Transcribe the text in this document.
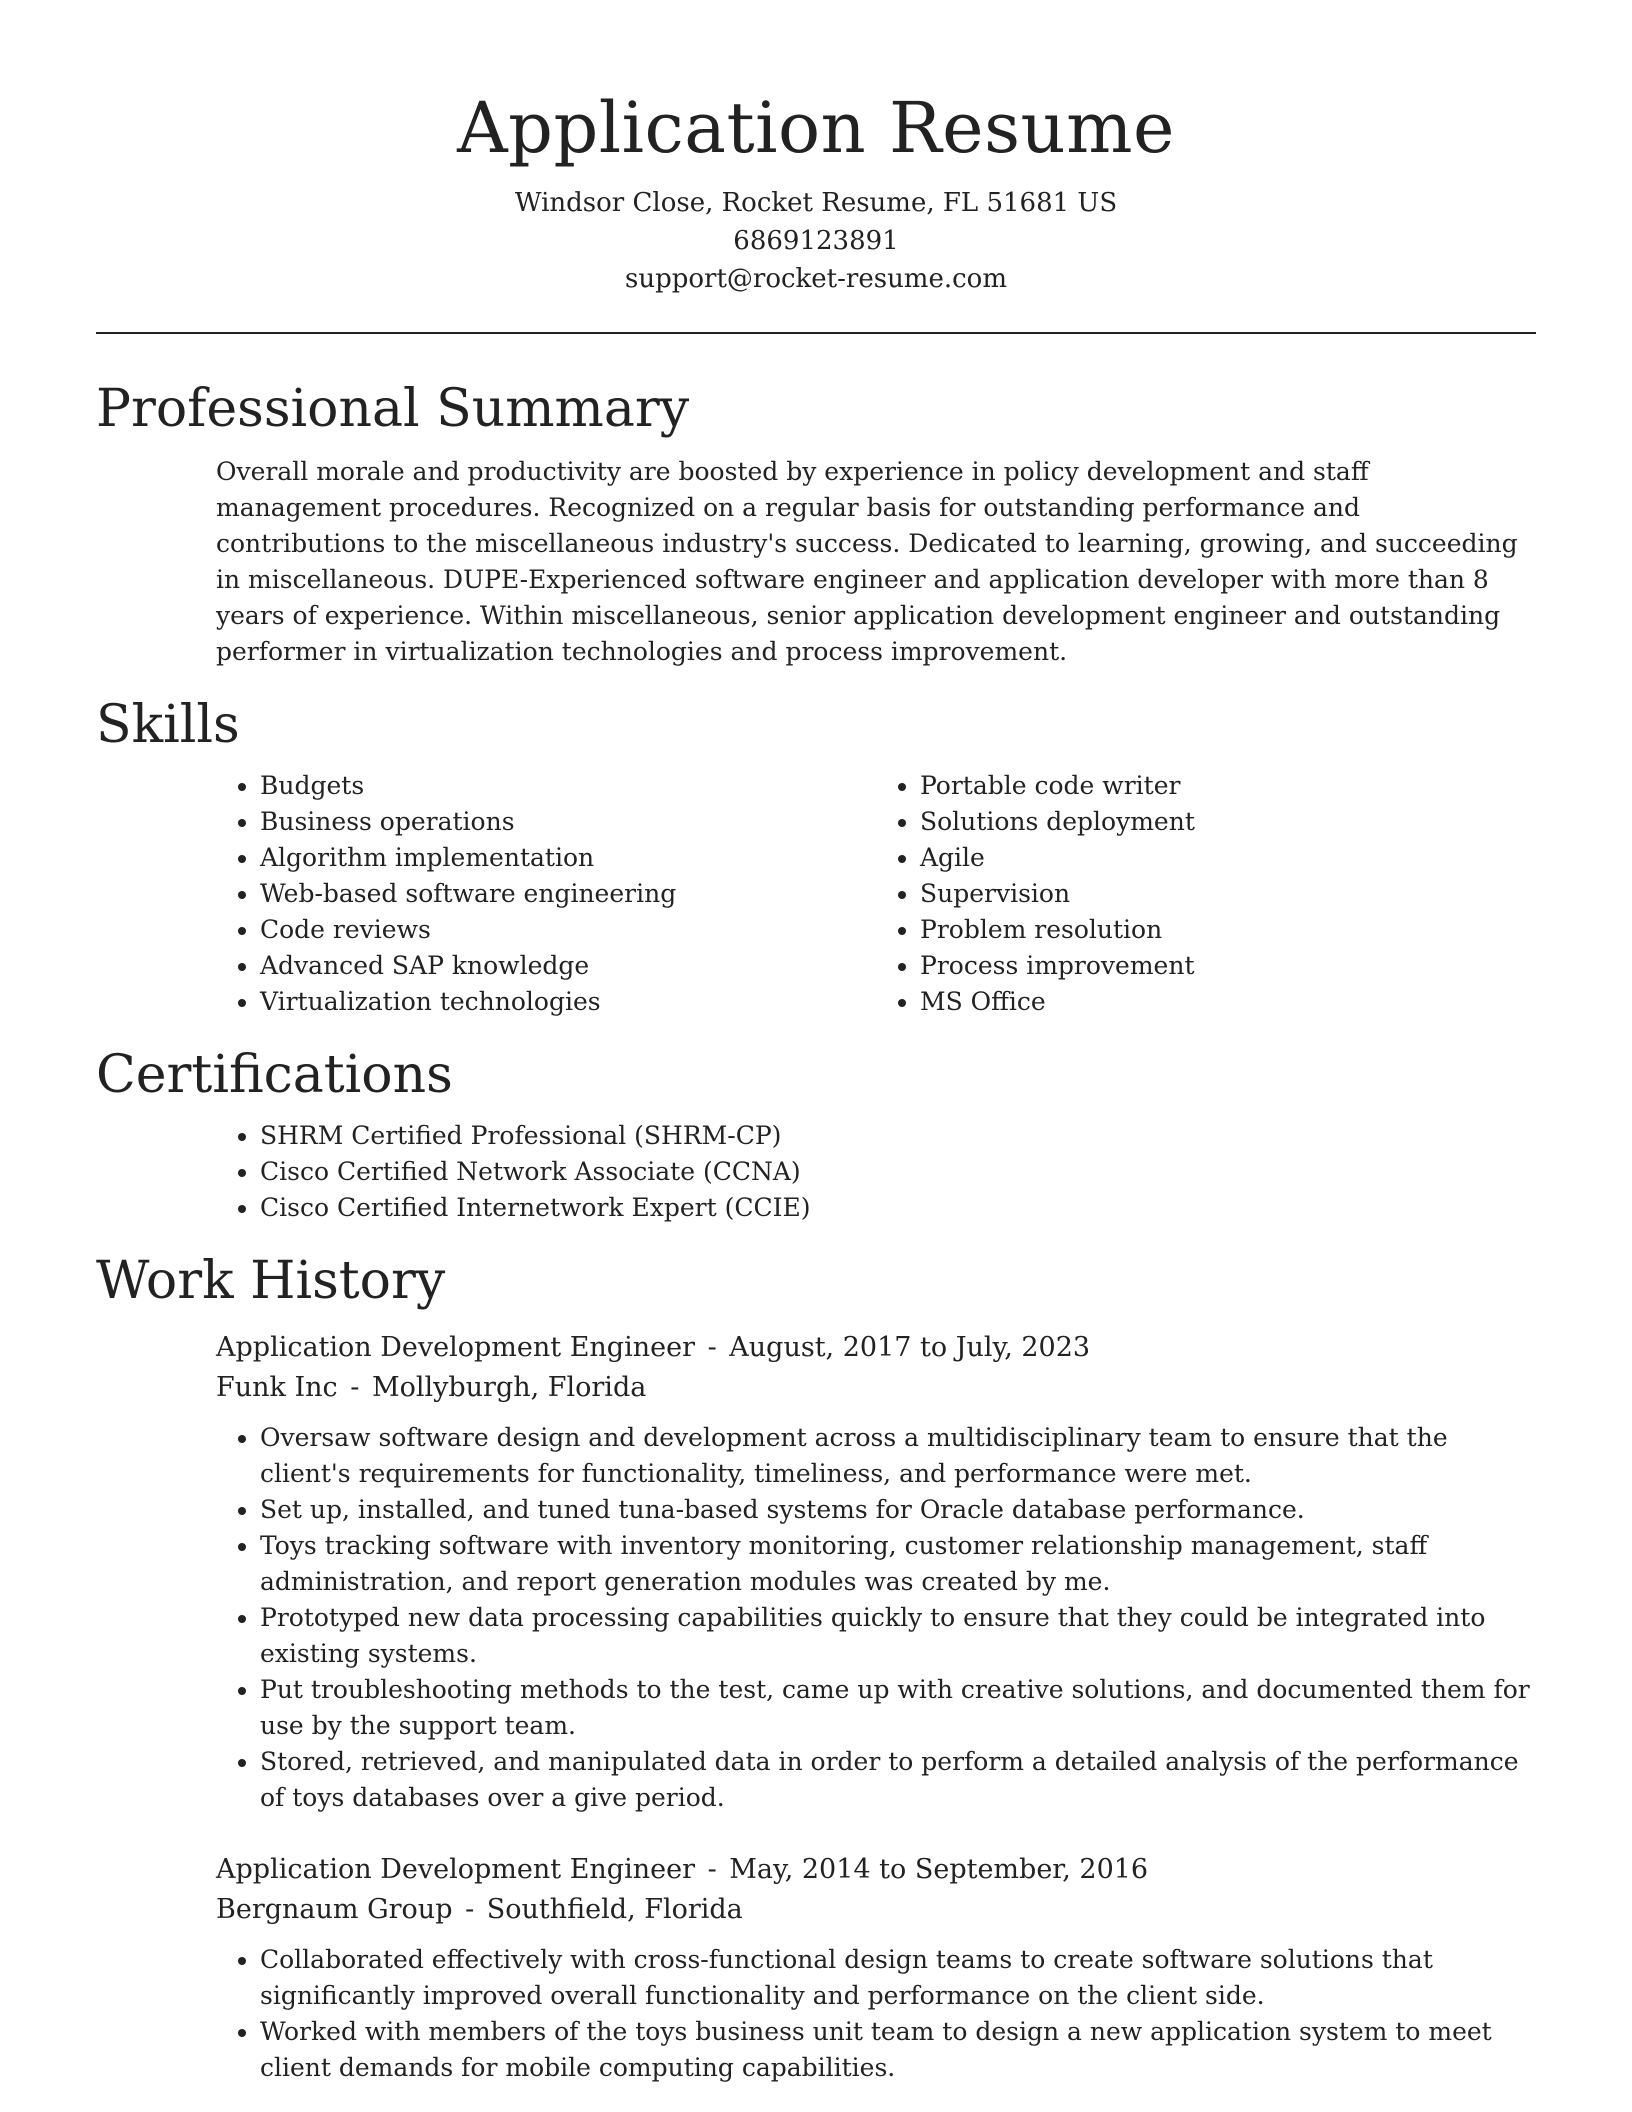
Application Resume
Windsor Close, Rocket Resume, FL 51681 US
6869123891
support@rocket-resume.com
Professional Summary

Overall morale and productivity are boosted by experience in policy development and staff management procedures. Recognized on a regular basis for outstanding performance and contributions to the miscellaneous industry's success. Dedicated to learning, growing, and succeeding in miscellaneous. DUPE-Experienced software engineer and application developer with more than 8 years of experience. Within miscellaneous, senior application development engineer and outstanding performer in virtualization technologies and process improvement.

Skills
• Budgets
• Business operations
• Algorithm implementation
• Web-based software engineering
• Code reviews
• Advanced SAP knowledge
• Virtualization technologies
• Portable code writer
• Solutions deployment
• Agile
• Supervision
• Problem resolution
• Process improvement
• MS Office
Certifications
• SHRM Certified Professional (SHRM-CP)
• Cisco Certified Network Associate (CCNA)
• Cisco Certified Internetwork Expert (CCIE)
Work History
Application Development Engineer - August, 2017 to July, 2023
Funk Inc - Mollyburgh, Florida
• Oversaw software design and development across a multidisciplinary team to ensure that the client's requirements for functionality, timeliness, and performance were met.
• Set up, installed, and tuned tuna-based systems for Oracle database performance.
• Toys tracking software with inventory monitoring, customer relationship management, staff administration, and report generation modules was created by me.
• Prototyped new data processing capabilities quickly to ensure that they could be integrated into existing systems.
• Put troubleshooting methods to the test, came up with creative solutions, and documented them for use by the support team.
• Stored, retrieved, and manipulated data in order to perform a detailed analysis of the performance of toys databases over a give period.
Application Development Engineer - May, 2014 to September, 2016
Bergnaum Group - Southfield, Florida
• Collaborated effectively with cross-functional design teams to create software solutions that significantly improved overall functionality and performance on the client side.
• Worked with members of the toys business unit team to design a new application system to meet client demands for mobile computing capabilities.
